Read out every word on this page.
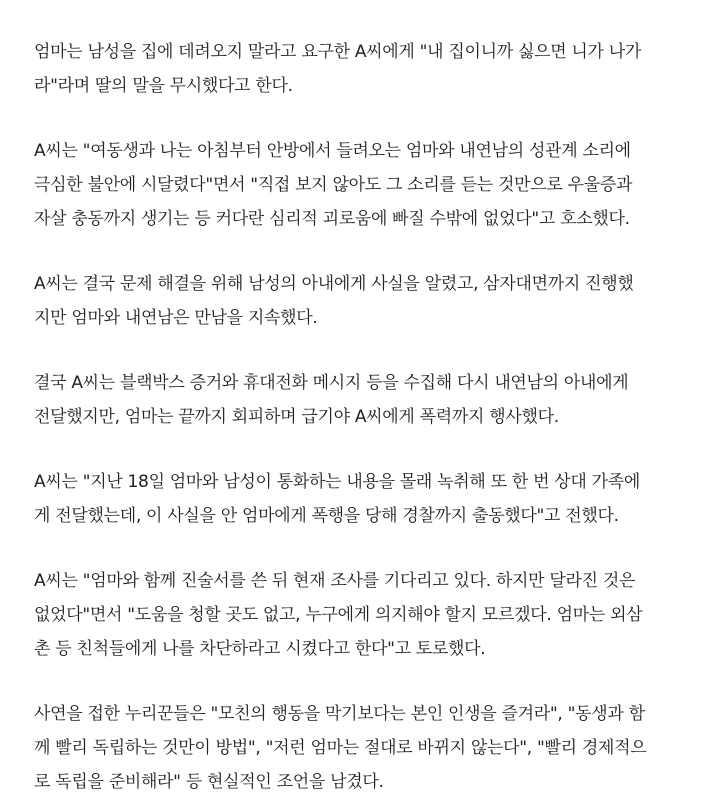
엄마는 남성을 집에 데려오지 말라고 요구한 A씨에게 "내 집이니까 싫으면 니가 나가
라"라며 딸의 말을 무시했다고 한다.

A씨는 "여동생과 나는 아침부터 안방에서 들려오는 엄마와 내연남의 성관계 소리에
극심한 불안에 시달렸다"면서 "직접 보지 않아도 그 소리를 듣는 것만으로 우울증과
자살 충동까지 생기는 등 커다란 심리적 괴로움에 빠질 수밖에 없었다"고 호소했다.

A씨는 결국 문제 해결을 위해 남성의 아내에게 사실을 알렸고, 삼자대면까지 진행했
지만 엄마와 내연남은 만남을 지속했다.

결국 A씨는 블랙박스 증거와 휴대전화 메시지 등을 수집해 다시 내연남의 아내에게
전달했지만, 엄마는 끝까지 회피하며 급기야 A씨에게 폭력까지 행사했다.

A씨는 "지난 18일 엄마와 남성이 통화하는 내용을 몰래 녹취해 또 한 번 상대 가족에
게 전달했는데, 이 사실을 안 엄마에게 폭행을 당해 경찰까지 출동했다"고 전했다.

A씨는 "엄마와 함께 진술서를 쓴 뒤 현재 조사를 기다리고 있다. 하지만 달라진 것은
없었다"면서 "도움을 청할 곳도 없고, 누구에게 의지해야 할지 모르겠다. 엄마는 외삼
촌 등 친척들에게 나를 차단하라고 시켰다고 한다"고 토로했다.

사연을 접한 누리꾼들은 "모친의 행동을 막기보다는 본인 인생을 즐겨라", "동생과 함
께 빨리 독립하는 것만이 방법", "저런 엄마는 절대로 바뀌지 않는다", "빨리 경제적으
로 독립을 준비해라" 등 현실적인 조언을 남겼다.
